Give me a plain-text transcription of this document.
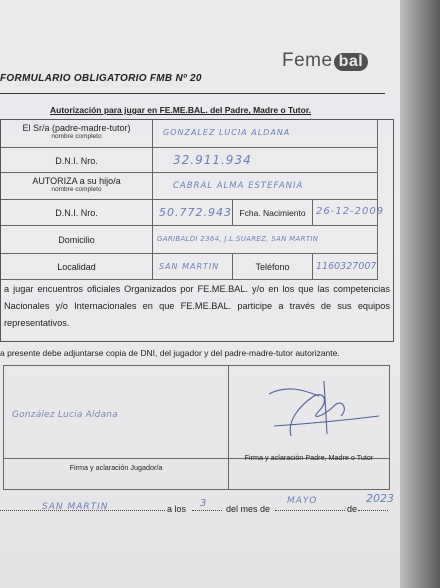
Feme bal
FORMULARIO OBLIGATORIO FMB Nº 20
Autorización para jugar en FE.ME.BAL. del Padre, Madre o Tutor.
El Sr/a (padre-madre-tutor)
nombre completo	GONZALEZ LUCIA ALDANA
D.N.I. Nro.	32.911.934
AUTORIZA a su hijo/a
nombre completo	CABRAL ALMA ESTEFANIA
D.N.I. Nro.	50.772.943 Fcha. Nacimiento	26-12-2009
Domicilio	GARIBALDI 2364, J.L.SUAREZ, SAN MARTIN
Localidad	SAN MARTIN	Teléfono	1160327007
a jugar encuentros oficiales Organizados por FE.ME.BAL. y/o en los que las competencias Nacionales y/o Internacionales en que FE.ME.BAL. participe a través de sus equipos representativos.
a presente debe adjuntarse copia de DNI, del jugador y del padre-madre-tutor autorizante.
González Lucia Aldana
Firma y aclaración Jugador/a
Firma y aclaración Padre, Madre o Tutor
SAN MARTIN	a los 3 del mes de
MAYO
de
2023
